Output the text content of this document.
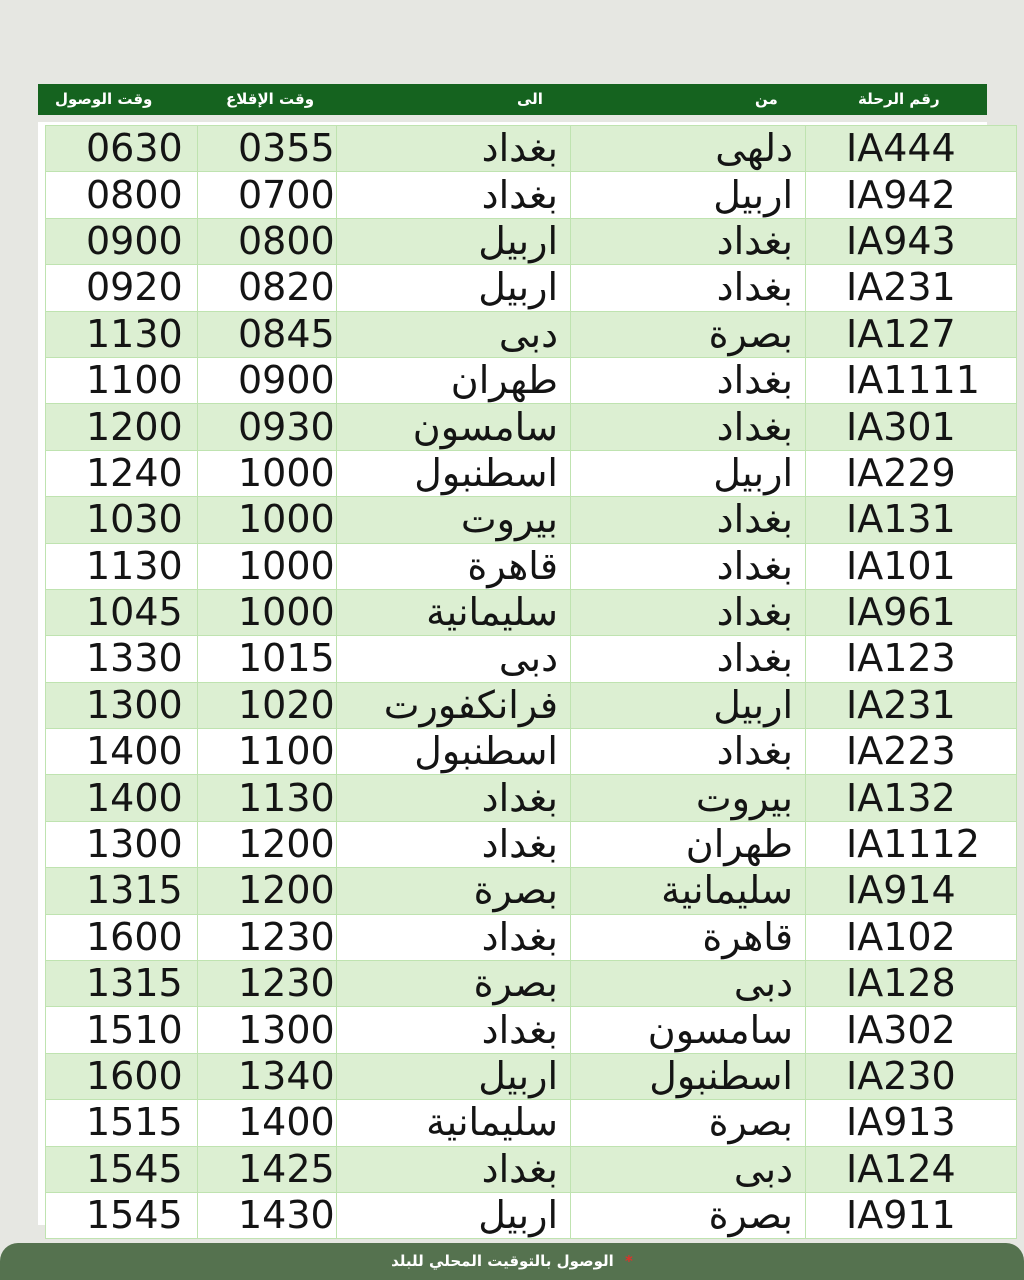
وقت الوصول	وقت الإقلاع	الى	من	رقم الرحلة
0630	0355	بغداد	دلهى	IA444
0800	0700	بغداد	اربيل	IA942
0900	0800	اربيل	بغداد	IA943
0920	0820	اربيل	بغداد	IA231
1130	0845	دبى	بصرة	IA127
1100	0900	طهران	بغداد	IA1111
1200	0930	سامسون	بغداد	IA301
1240	1000	اسطنبول	اربيل	IA229
1030	1000	بيروت	بغداد	IA131
1130	1000	قاهرة	بغداد	IA101
1045	1000	سليمانية	بغداد	IA961
1330	1015	دبى	بغداد	IA123
1300	1020	فرانكفورت	اربيل	IA231
1400	1100	اسطنبول	بغداد	IA223
1400	1130	بغداد	بيروت	IA132
1300	1200	بغداد	طهران	IA1112
1315	1200	بصرة	سليمانية	IA914
1600	1230	بغداد	قاهرة	IA102
1315	1230	بصرة	دبى	IA128
1510	1300	بغداد	سامسون	IA302
1600	1340	اربيل	اسطنبول	IA230
1515	1400	سليمانية	بصرة	IA913
1545	1425	بغداد	دبى	IA124
1545	1430	اربيل	بصرة	IA911
الوصول بالتوقيت المحلي للبلد *
